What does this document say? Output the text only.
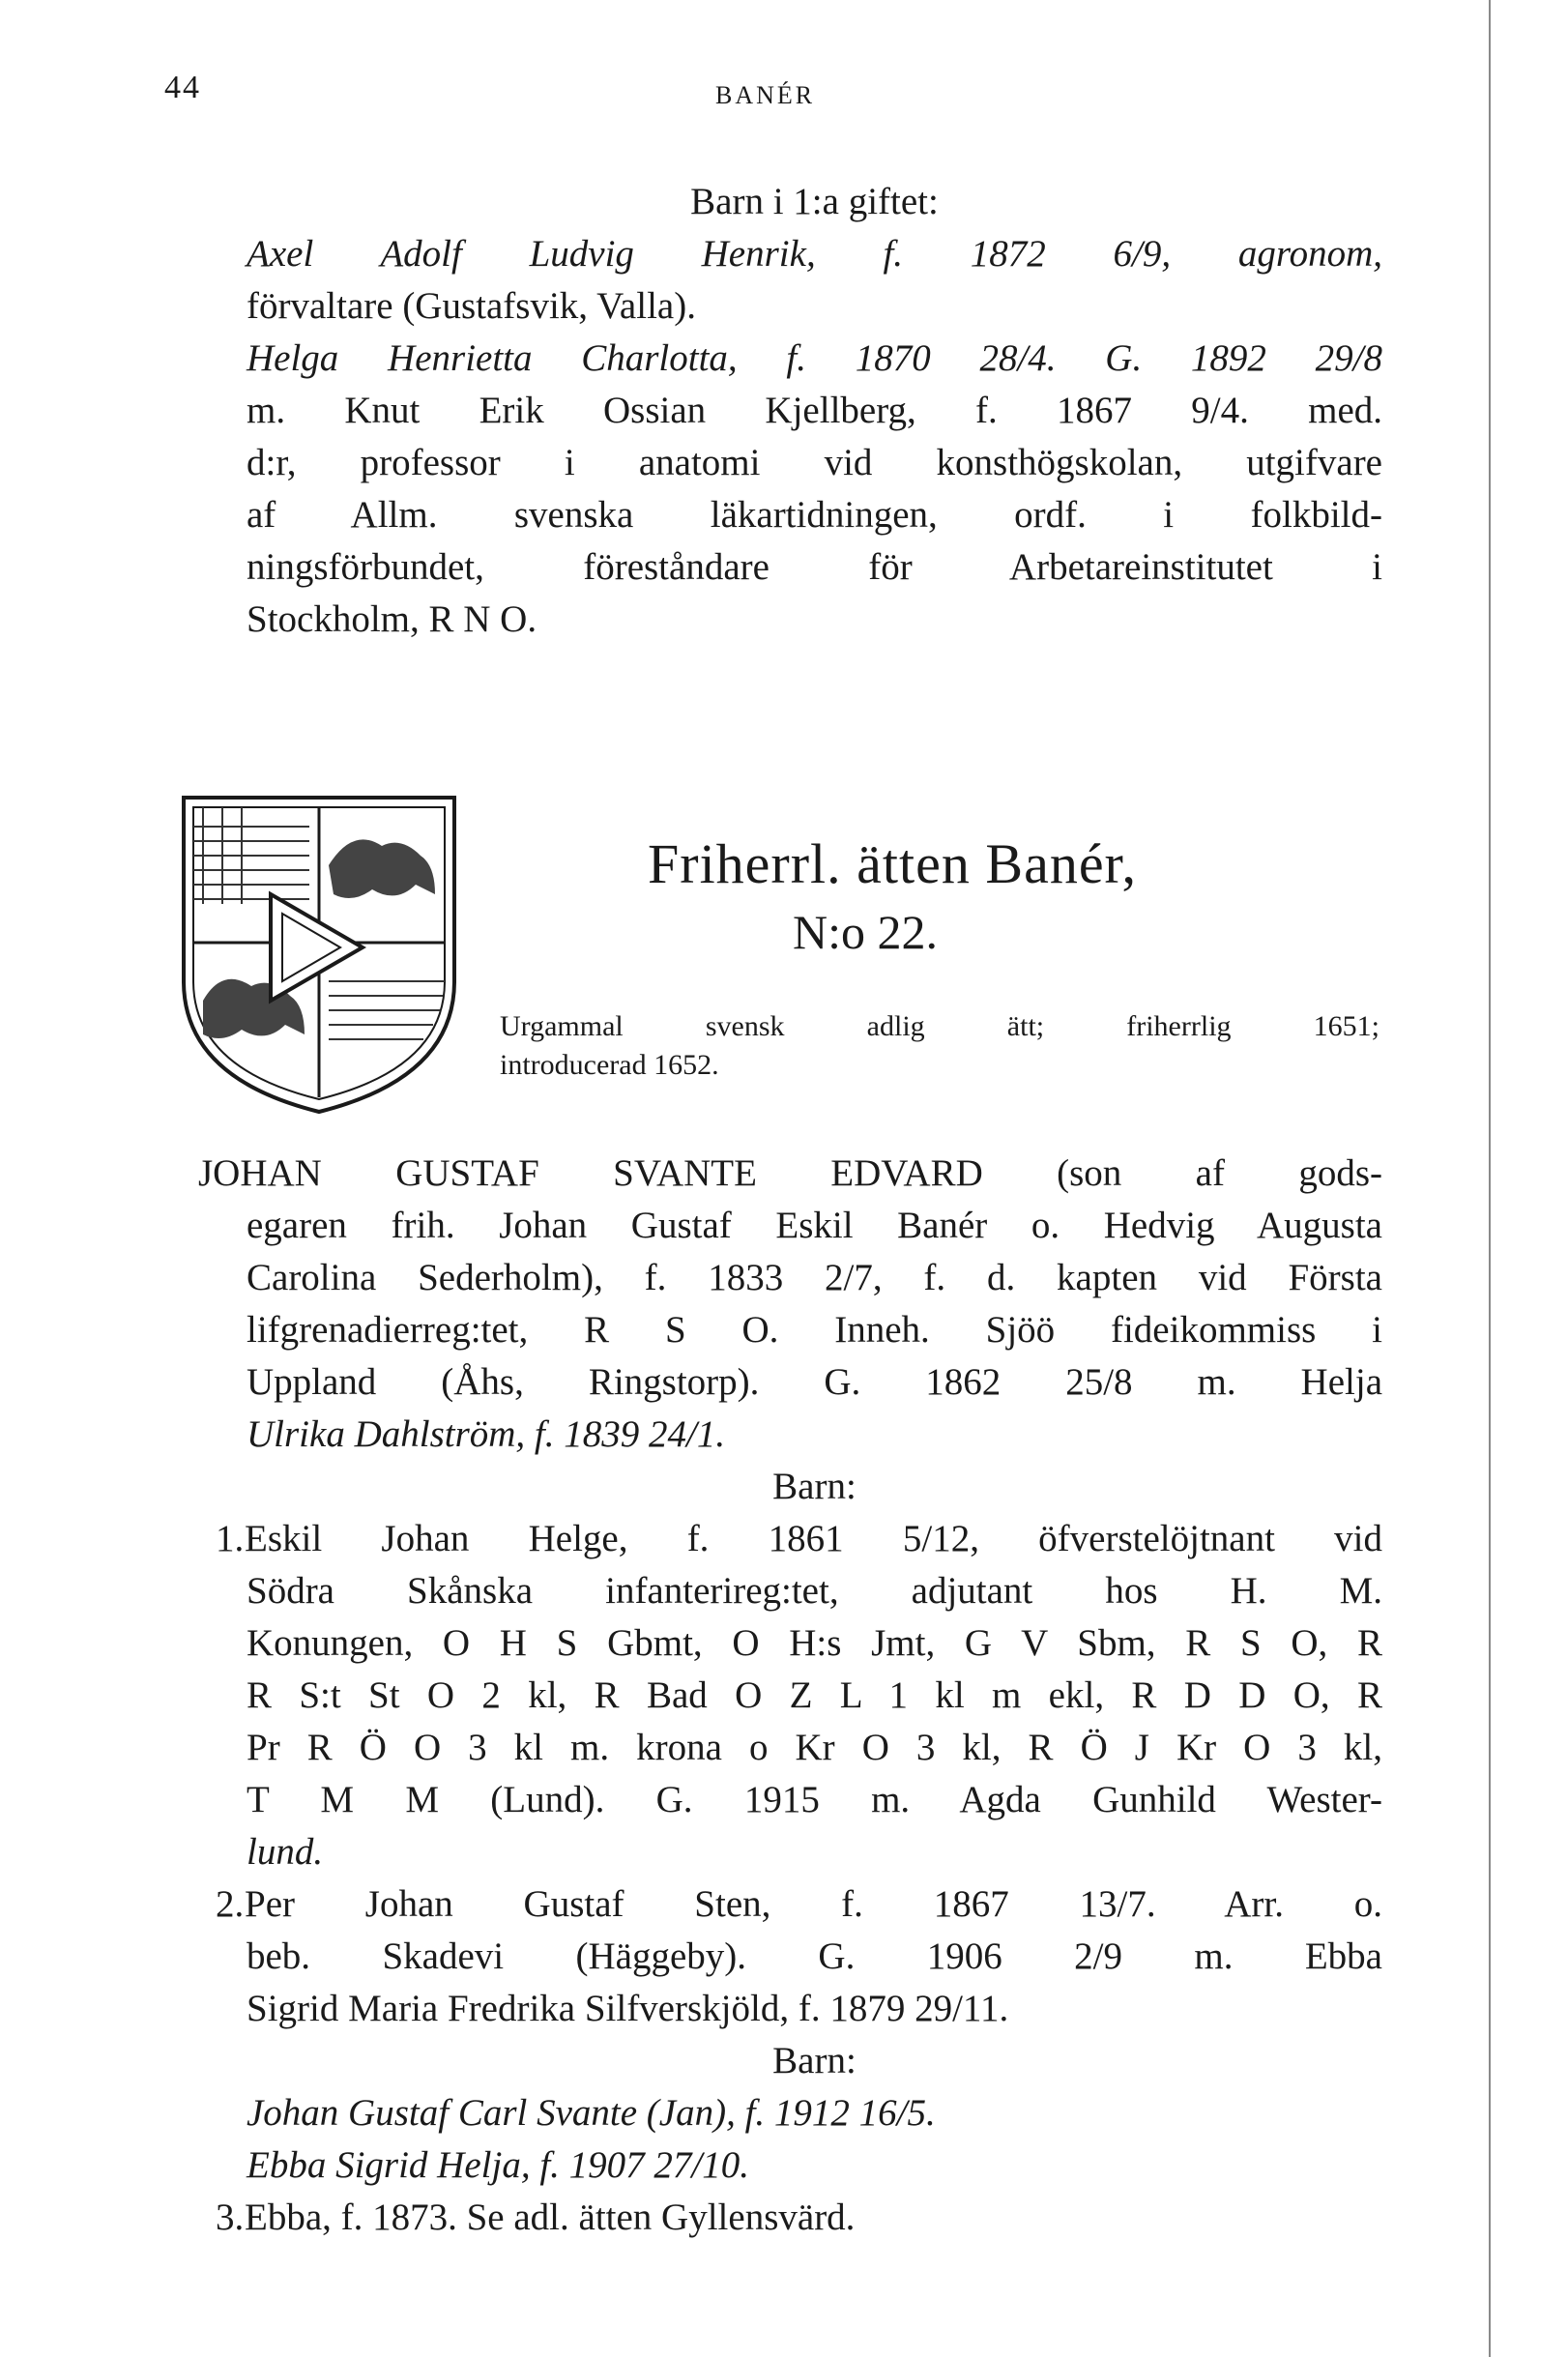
44	BANÉR
Barn i 1:a giftet:
Axel Adolf Ludvig Henrik, f. 1872 6/9, agronom,
förvaltare (Gustafsvik, Valla).
Helga Henrietta Charlotta, f. 1870 28/4. G. 1892 29/8
m. Knut Erik Ossian Kjellberg, f. 1867 9/4. med.
d:r, professor i anatomi vid konsthögskolan, utgifvare
af Allm. svenska läkartidningen, ordf. i folkbild-
ningsförbundet, föreståndare för Arbetareinstitutet i
Stockholm, R N O.
Friherrl. ätten Banér,
N:o 22.
Urgammal svensk adlig ätt; friherrlig 1651;
introducerad 1652.
JOHAN GUSTAF SVANTE EDVARD (son af gods-
egaren frih. Johan Gustaf Eskil Banér o. Hedvig Augusta
Carolina Sederholm), f. 1833 2/7, f. d. kapten vid Första
lifgrenadierreg:tet, R S O. Inneh. Sjöö fideikommiss i
Uppland (Åhs, Ringstorp). G. 1862 25/8 m. Helja
Ulrika Dahlström, f. 1839 24/1.
Barn:
1.Eskil Johan Helge, f. 1861 5/12, öfverstelöjtnant vid
Södra Skånska infanterireg:tet, adjutant hos H. M.
Konungen, O H S Gbmt, O H:s Jmt, G V Sbm, R S O, R
R S:t St O 2 kl, R Bad O Z L 1 kl m ekl, R D D O, R
Pr R Ö O 3 kl m. krona o Kr O 3 kl, R Ö J Kr O 3 kl,
T M M (Lund). G. 1915 m. Agda Gunhild Wester-
lund.
2.Per Johan Gustaf Sten, f. 1867 13/7. Arr. o.
beb. Skadevi (Häggeby). G. 1906 2/9 m. Ebba
Sigrid Maria Fredrika Silfverskjöld, f. 1879 29/11.
Barn:
Johan Gustaf Carl Svante (Jan), f. 1912 16/5.
Ebba Sigrid Helja, f. 1907 27/10.
3.Ebba, f. 1873. Se adl. ätten Gyllensvärd.
